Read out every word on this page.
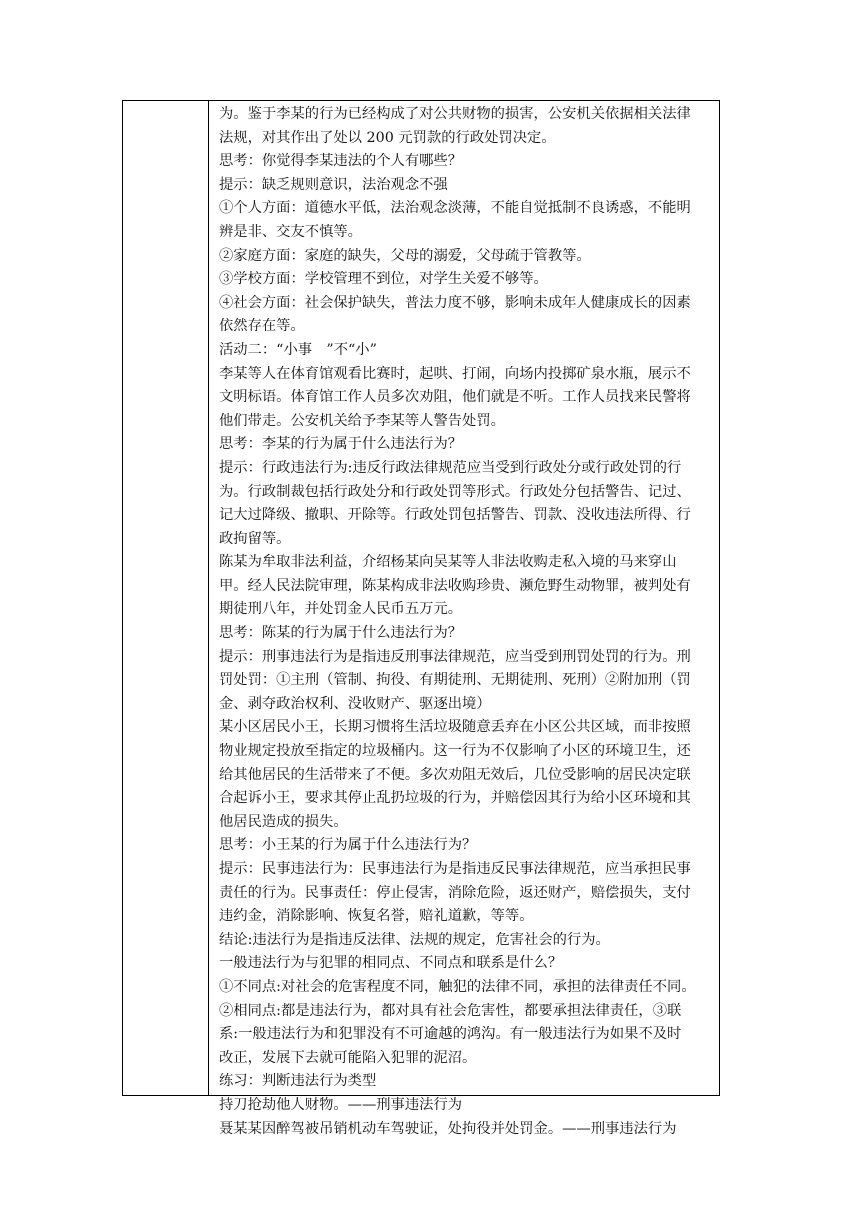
为。鉴于李某的行为已经构成了对公共财物的损害，公安机关依据相关法律
法规，对其作出了处以 200 元罚款的行政处罚决定。
思考：你觉得李某违法的个人有哪些？
提示：缺乏规则意识，法治观念不强
①个人方面：道德水平低，法治观念淡薄，不能自觉抵制不良诱惑，不能明
辨是非、交友不慎等。
②家庭方面：家庭的缺失，父母的溺爱，父母疏于管教等。
③学校方面：学校管理不到位，对学生关爱不够等。
④社会方面：社会保护缺失，普法力度不够，影响未成年人健康成长的因素
依然存在等。
活动二：“小事　”不“小”
李某等人在体育馆观看比赛时，起哄、打闹，向场内投掷矿泉水瓶，展示不
文明标语。体育馆工作人员多次劝阻，他们就是不听。工作人员找来民警将
他们带走。公安机关给予李某等人警告处罚。
思考：李某的行为属于什么违法行为？
提示：行政违法行为:违反行政法律规范应当受到行政处分或行政处罚的行
为。行政制裁包括行政处分和行政处罚等形式。行政处分包括警告、记过、
记大过降级、撤职、开除等。行政处罚包括警告、罚款、没收违法所得、行
政拘留等。
陈某为牟取非法利益，介绍杨某向吴某等人非法收购走私入境的马来穿山
甲。经人民法院审理，陈某构成非法收购珍贵、濒危野生动物罪，被判处有
期徒刑八年，并处罚金人民币五万元。
思考：陈某的行为属于什么违法行为？
提示：刑事违法行为是指违反刑事法律规范，应当受到刑罚处罚的行为。刑
罚处罚：①主刑（管制、拘役、有期徒刑、无期徒刑、死刑）②附加刑（罚
金、剥夺政治权利、没收财产、驱逐出境）
某小区居民小王，长期习惯将生活垃圾随意丢弃在小区公共区域，而非按照
物业规定投放至指定的垃圾桶内。这一行为不仅影响了小区的环境卫生，还
给其他居民的生活带来了不便。多次劝阻无效后，几位受影响的居民决定联
合起诉小王，要求其停止乱扔垃圾的行为，并赔偿因其行为给小区环境和其
他居民造成的损失。
思考：小王某的行为属于什么违法行为？
提示：民事违法行为：民事违法行为是指违反民事法律规范，应当承担民事
责任的行为。民事责任：停止侵害，消除危险，返还财产，赔偿损失，支付
违约金，消除影响、恢复名誉，赔礼道歉，等等。
结论:违法行为是指违反法律、法规的规定，危害社会的行为。
一般违法行为与犯罪的相同点、不同点和联系是什么？
①不同点:对社会的危害程度不同，触犯的法律不同，承担的法律责任不同。
②相同点:都是违法行为，都对具有社会危害性，都要承担法律责任，③联
系:一般违法行为和犯罪没有不可逾越的鸿沟。有一般违法行为如果不及时
改正，发展下去就可能陷入犯罪的泥沼。
练习：判断违法行为类型
持刀抢劫他人财物。——刑事违法行为
聂某某因醉驾被吊销机动车驾驶证，处拘役并处罚金。——刑事违法行为
